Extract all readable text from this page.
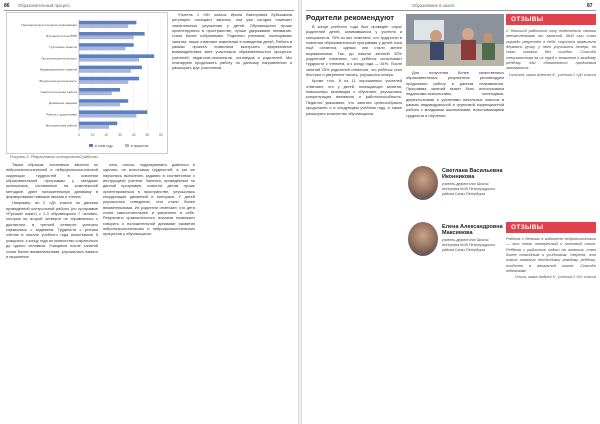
86 Образовательный процесс
0	10	20	30	40	50	60
Периодическое изучение информации
Изучение итогов ВПР
Групповые занятия
Проектная деятельность
Индивидуальные занятия
Внеурочная деятельность
Самостоятельная работа
Домашние задания
Работа с родителями
Методическая работа
в этом году	в прошлом
Рисунок 2. Результаты контрольной работы

Таким образом, системные занятия по нейропсихологической и нейрофизиологической коррекции трудностей в освоении образовательной программы у младших школьников, основанные на комплексной методике, дают положительную динамику в формировании навыков письма и чтения.

Например, во 2 «Д» классе по данным проведённой контрольной работы (по программе «Русский язык») с 2-3 обучающихся 7 человек, которые во второй четверти не справлялись с диктантом, в третьей четверти успешно справились с заданием. Трудности с устным счётом в начале учебного года испытывали 5 учащихся, к концу года их количество сократилось до одного человека. Учащиеся после занятий стали более внимательными, улучшилась память и мышление.

лать, голось, подразумевать, давиться и сделать, не испытывая трудностей, а так же научились выполнять задания в соответствии с инструкцией учителя. Занятия, проведённые по данной программе, помогли детям лучше ориентироваться в пространстве, улучшилась координация движений и моторика. У детей улучшилось поведение, они стали более внимательными. Их родители отмечают, что дети стали самостоятельнее и увереннее в себе. Результаты сравнительного анализа позволяют говорить о положительной динамике развития нейропсихологических и нейрофизиологических процессов у обучающихся.

Учитель 1 «В» класса Ирина Викторовна Кубышкина регулярно посещает занятия, она уже сегодня отмечает значительные улучшения у детей. Обучающиеся лучше ориентируются в пространстве, лучше удерживают внимание, стали более собранными. Родители учеников, посещавших занятия, также отмечают изменения в поведении детей. Работа в рамках проекта позволила выстроить эффективное взаимодействие всех участников образовательного процесса: учителей, педагогов-психологов, логопедов и родителей. Мы планируем продолжить работу по данному направлению и расширить круг участников.

Образование в школе	87
Родители рекомендуют

В конце учебного года был проведён опрос родителей детей, занимавшихся у учителя и специалиста. 78% из них отметили, что трудности в освоении образовательной программы у детей пока ещё остаются, однако они стали менее выраженными. Так, до начала занятий 52% родителей отмечали, что ребёнок испытывает трудности с чтением, а к концу года — 34%. После занятий 25% родителей отметили, что ребёнок стал быстрее и увереннее писать, улучшился почерк.

Кроме того, 8 из 11 опрошенных учителей отмечают, что у детей, посещающих занятия, повысилась мотивация к обучению, улучшилась концентрация внимания и работоспособность. Педагоги указывают, что занятия целесообразно продолжить и в следующем учебном году, а также расширить количество обучающихся.

Для получения более качественных образовательных результатов рекомендуем продолжить работу в данном направлении. Программа занятий может быть использована педагогами-психологами, логопедами, дефектологами и учителями начальных классов в рамках индивидуальной и групповой коррекционной работы с младшими школьниками, испытывающими трудности в обучении.

Светлана Васильевна Иконникова
учитель-дефектолог Школы интерната №49 Петроградского района Санкт-Петербурга
Елена Александровна Максимова
учитель-дефектолог Школы интерната №49 Петроградского района Санкт-Петербурга
ОТЗЫВЫ

С большой радостью хочу поделиться своими впечатлениями от занятий. Мой сын стал гораздо увереннее в себе, научился правильно держать ручку, у него улучшился почерк, он стал читать без ошибок. Спасибо специалистам за их труд и внимание к каждому ребёнку. Мы обязательно продолжим заниматься.

Татьяна, мама Алексея К., ученика 2 «Д» класса
ОТЗЫВЫ

Работа с детьми в кабинете нейропсихологии — это очень интересный и полезный опыт. Ребёнок с радостью ходит на занятия, стал более спокойным и усидчивым. Уверена, что такие занятия необходимы каждому ребёнку, особенно в начальной школе. Спасибо педагогам!

Ольга, мама Андрея К., ученика 2 «Б» класса
